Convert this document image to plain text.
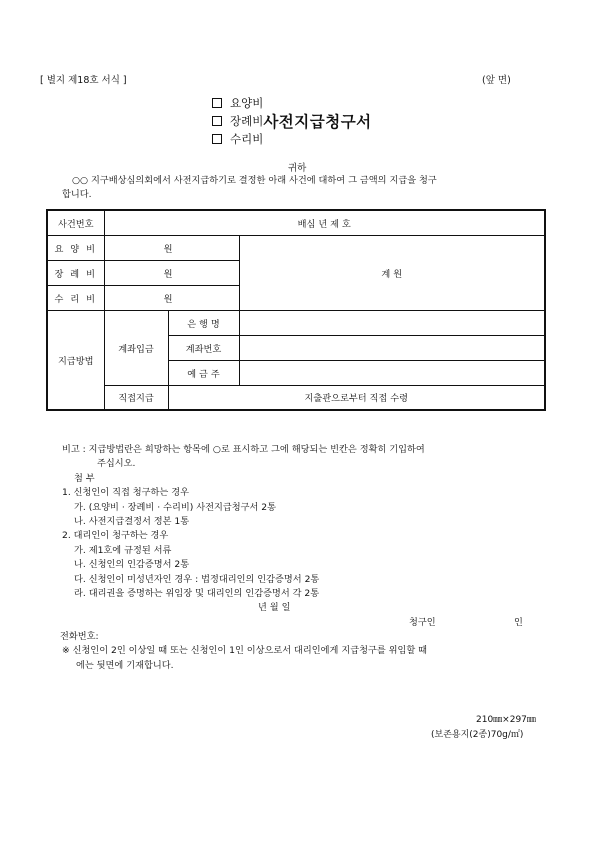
[ 별지 제18호 서식 ]	(앞 면)
요양비
장례비 사전지급청구서
수리비
귀하
○○ 지구배상심의회에서 사전지급하기로 결정한 아래 사건에 대하여 그 금액의 지급을 청구
합니다.
사건번호	배심 년 제 호		
요 양 비	원		계 원
장 례 비	원		
수 리 비	원		
지급방법	계좌입금	은 행 명	
		계좌번호	
		예 금 주	
	직접지급	지출관으로부터 직접 수령	
비고 : 지급방법란은 희망하는 항목에 ○로 표시하고 그에 해당되는 빈칸은 정확히 기입하여
주십시오.
첨 부
1. 신청인이 직접 청구하는 경우
가. (요양비 · 장례비 · 수리비) 사전지급청구서 2통
나. 사전지급결정서 정본 1통
2. 대리인이 청구하는 경우
가. 제1호에 규정된 서류
나. 신청인의 인감증명서 2통
다. 신청인이 미성년자인 경우 : 법정대리인의 인감증명서 2통
라. 대리권을 증명하는 위임장 및 대리인의 인감증명서 각 2통
년 월 일
청구인	인
전화번호:
※ 신청인이 2인 이상일 때 또는 신청인이 1인 이상으로서 대리인에게 지급청구를 위임할 때
에는 뒷면에 기재합니다.
210㎜×297㎜
(보존용지(2종)70g/㎡)
